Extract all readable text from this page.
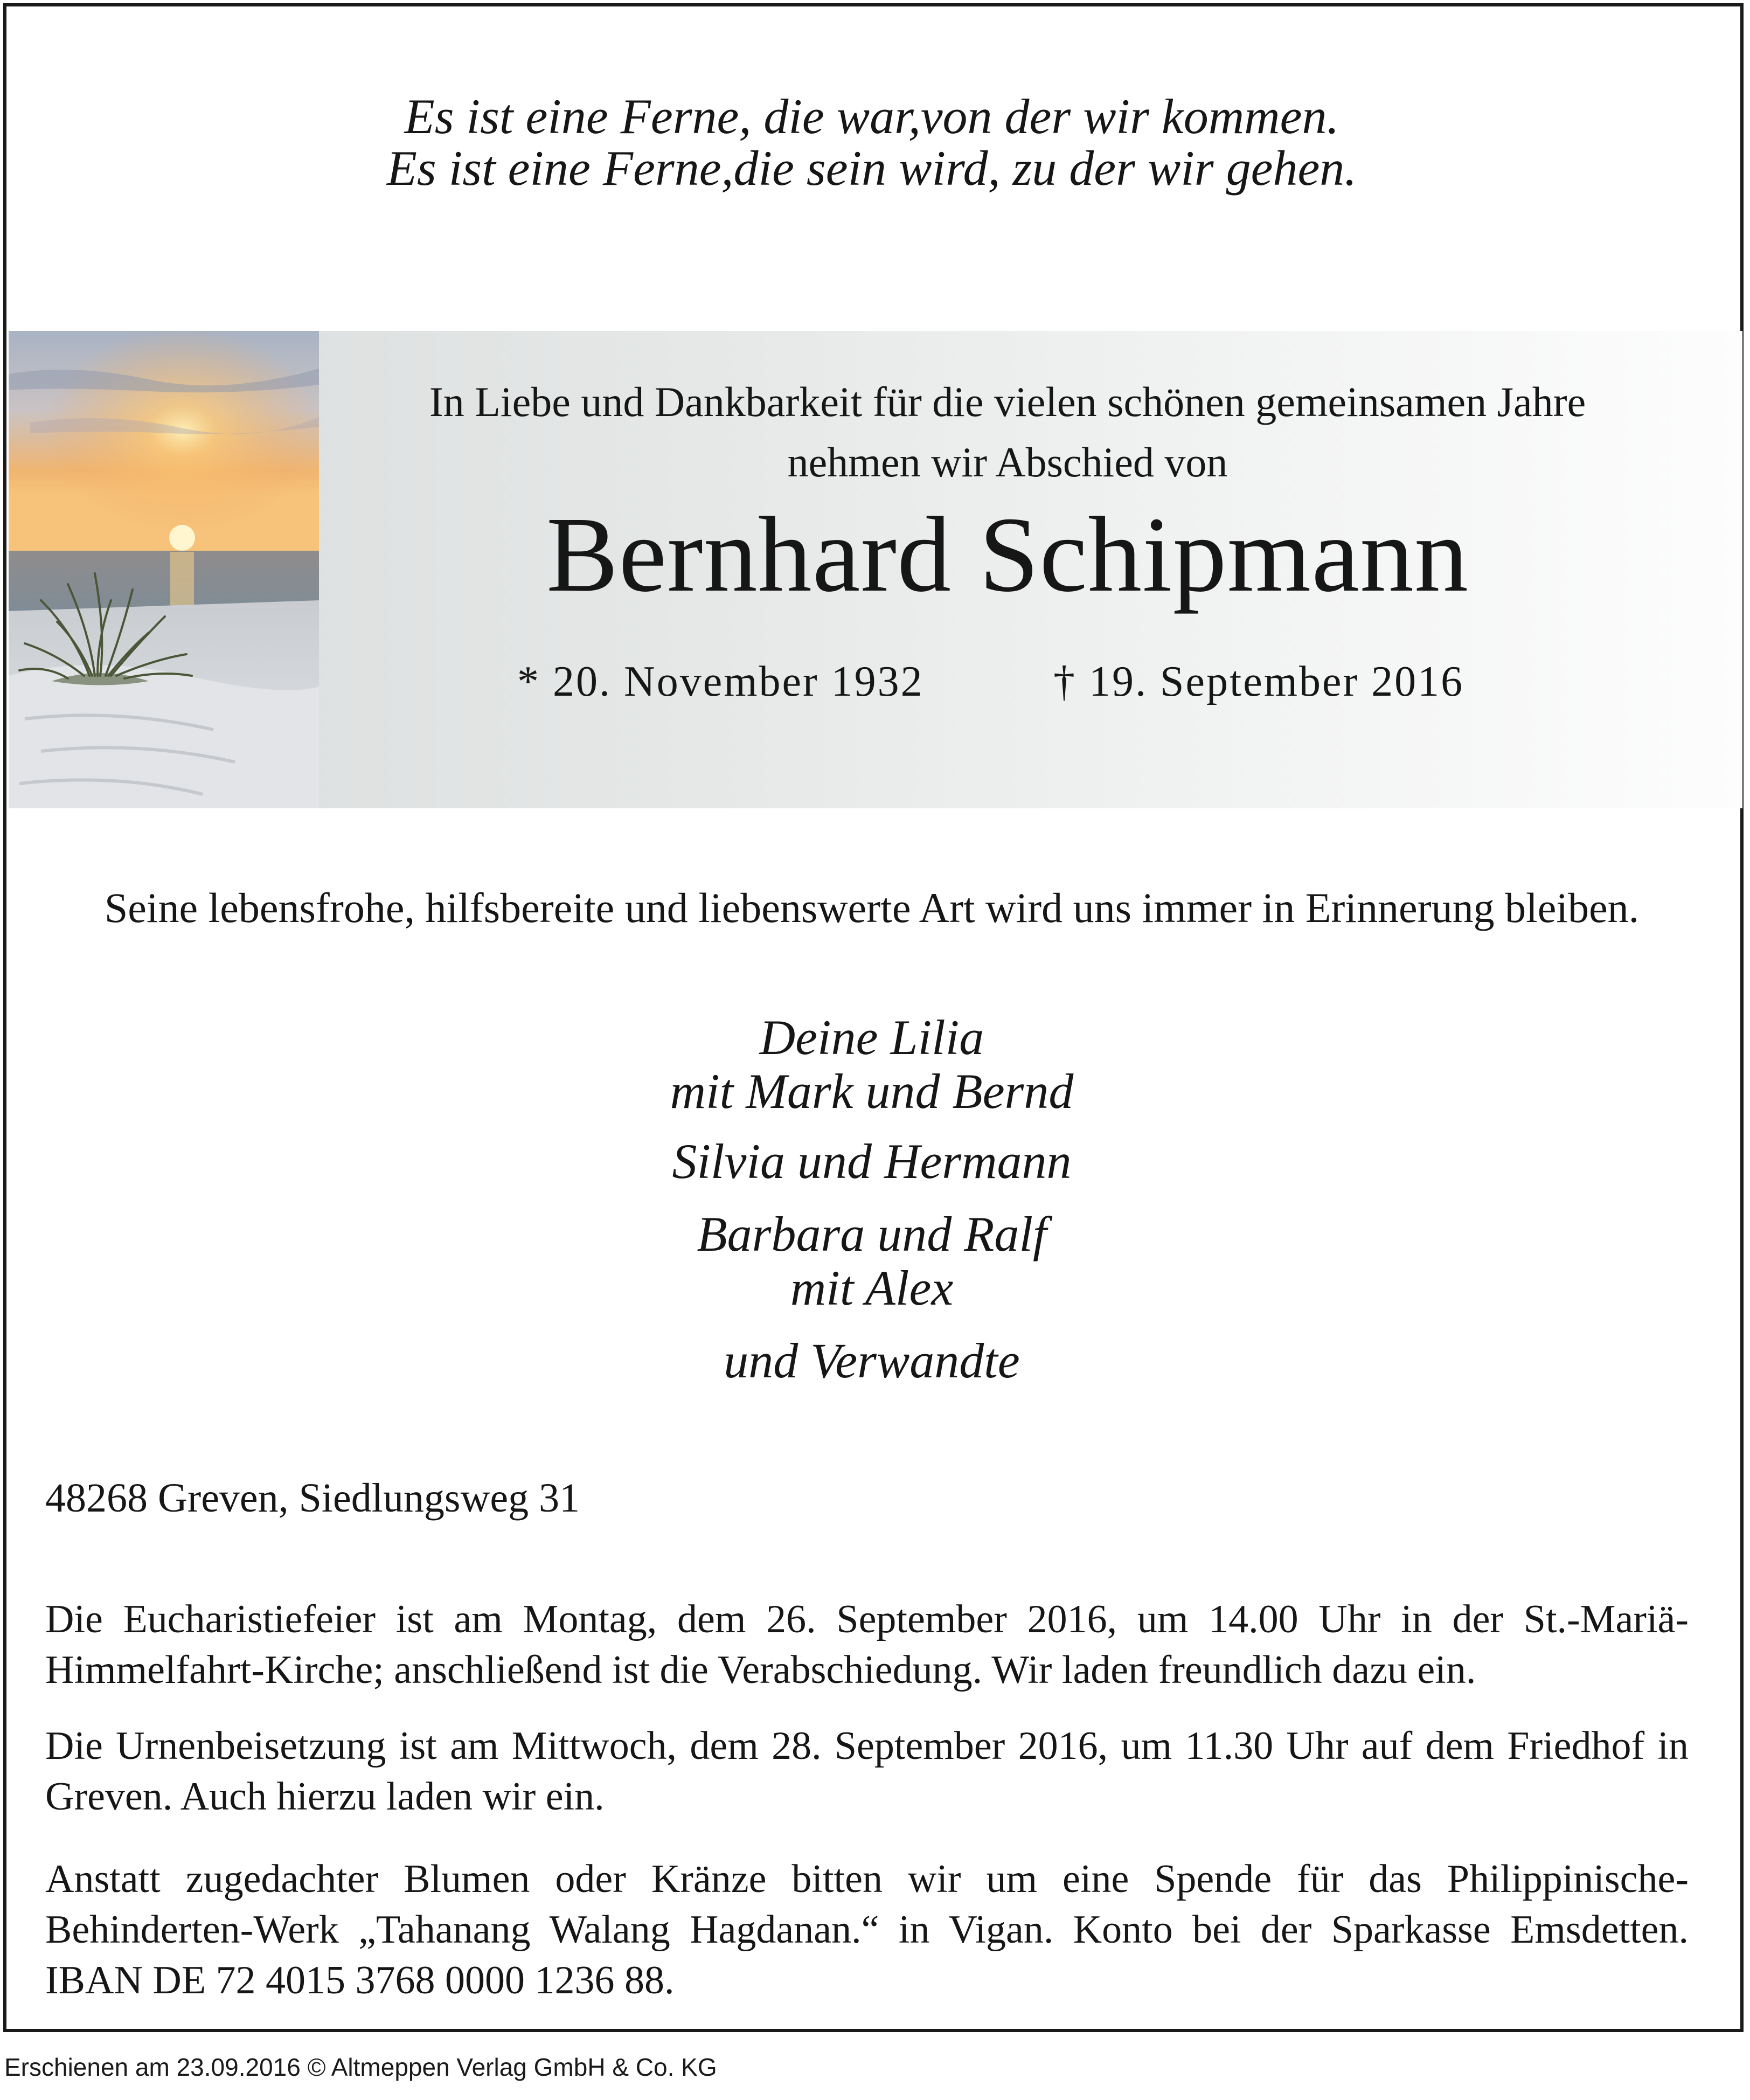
Es ist eine Ferne, die war,von der wir kommen.
Es ist eine Ferne,die sein wird, zu der wir gehen.
In Liebe und Dankbarkeit für die vielen schönen gemeinsamen Jahre
nehmen wir Abschied von
Bernhard Schipmann
* 20. November 1932	† 19. September 2016
Seine lebensfrohe, hilfsbereite und liebenswerte Art wird uns immer in Erinnerung bleiben.
Deine Lilia
mit Mark und Bernd
Silvia und Hermann
Barbara und Ralf
mit Alex
und Verwandte
48268 Greven, Siedlungsweg 31
Die Eucharistiefeier ist am Montag, dem 26. September 2016, um 14.00 Uhr in der St.-Mariä-Himmelfahrt-Kirche; anschließend ist die Verabschiedung. Wir laden freundlich dazu ein.
Die Urnenbeisetzung ist am Mittwoch, dem 28. September 2016, um 11.30 Uhr auf dem Friedhof in Greven. Auch hierzu laden wir ein.
Anstatt zugedachter Blumen oder Kränze bitten wir um eine Spende für das Philippinische-Behinderten-Werk „Tahanang Walang Hagdanan.“ in Vigan. Konto bei der Sparkasse Emsdetten. IBAN DE 72 4015 3768 0000 1236 88.
Erschienen am 23.09.2016 © Altmeppen Verlag GmbH & Co. KG
